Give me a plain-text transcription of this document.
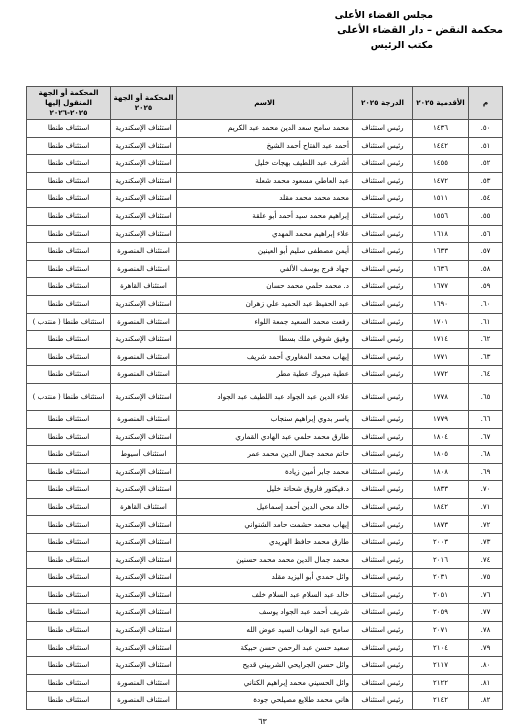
مجلس القضاء الأعلى
محكمة النقض – دار القضاء الأعلى
مكتب الرئيس
م	الأقدمية ٢٠٢٥	الدرجة ٢٠٢٥	الاسم	المحكمة أو الجهة ٢٠٢٥	المحكمة أو الجهة المنقول إليها ٢٠٢٥-٢٠٢٦
٥٠.	١٤٣٦	رئيس استئناف	محمد سامح سعد الدين محمد عبد الكريم	استئناف الإسكندرية	استئناف طنطا
٥١.	١٤٤٢	رئيس استئناف	أحمد عبد الفتاح أحمد الشيخ	استئناف الإسكندرية	استئناف طنطا
٥٢.	١٤٥٥	رئيس استئناف	أشرف عبد اللطيف بهجات خليل	استئناف الإسكندرية	استئناف طنطا
٥٣.	١٤٧٢	رئيس استئناف	عبد العاطي مسعود محمد شعلة	استئناف الإسكندرية	استئناف طنطا
٥٤.	١٥١١	رئيس استئناف	محمد محمد محمد مقلد	استئناف الإسكندرية	استئناف طنطا
٥٥.	١٥٥٦	رئيس استئناف	إبراهيم محمد سيد أحمد أبو علقة	استئناف الإسكندرية	استئناف طنطا
٥٦.	١٦١٨	رئيس استئناف	علاء إبراهيم محمد المهدي	استئناف الإسكندرية	استئناف طنطا
٥٧.	١٦٣٣	رئيس استئناف	أيمن مصطفى سليم أبو العينين	استئناف المنصورة	استئناف طنطا
٥٨.	١٦٣٦	رئيس استئناف	جهاد فرج يوسف الألفي	استئناف المنصورة	استئناف طنطا
٥٩.	١٦٧٧	رئيس استئناف	د. محمد حلمي محمد حسان	استئناف القاهرة	استئناف طنطا
٦٠.	١٦٩٠	رئيس استئناف	عبد الحفيظ عبد الحميد علي زهران	استئناف الإسكندرية	استئناف طنطا
٦١.	١٧٠١	رئيس استئناف	رفعت محمد السعيد جمعة اللواء	استئناف المنصورة	استئناف طنطا ( منتدب )
٦٢.	١٧١٤	رئيس استئناف	وفيق شوقي ملك بسطا	استئناف الإسكندرية	استئناف طنطا
٦٣.	١٧٧١	رئيس استئناف	إيهاب محمد المغاوري أحمد شريف	استئناف المنصورة	استئناف طنطا
٦٤.	١٧٧٢	رئيس استئناف	عطية مبروك عطية مطر	استئناف المنصورة	استئناف طنطا
٦٥.	١٧٧٨	رئيس استئناف	علاء الدين عبد الجواد عبد اللطيف عبد الجواد	استئناف الإسكندرية	استئناف طنطا ( منتدب )
٦٦.	١٧٧٩	رئيس استئناف	ياسر بدوي إبراهيم سنجاب	استئناف المنصورة	استئناف طنطا
٦٧.	١٨٠٤	رئيس استئناف	طارق محمد حلمي عبد الهادي القماري	استئناف الإسكندرية	استئناف طنطا
٦٨.	١٨٠٥	رئيس استئناف	حاتم محمد جمال الدين محمد عمر	استئناف أسيوط	استئناف طنطا
٦٩.	١٨٠٨	رئيس استئناف	محمد جابر أمين زيادة	استئناف الإسكندرية	استئناف طنطا
٧٠.	١٨٣٣	رئيس استئناف	د.فيكتور فاروق شحاتة خليل	استئناف الإسكندرية	استئناف طنطا
٧١.	١٨٤٢	رئيس استئناف	خالد محي الدين أحمد إسماعيل	استئناف القاهرة	استئناف طنطا
٧٢.	١٨٧٣	رئيس استئناف	إيهاب محمد حشمت حامد الشنواني	استئناف الإسكندرية	استئناف طنطا
٧٣.	٢٠٠٣	رئيس استئناف	طارق محمد حافظ الهريدي	استئناف الإسكندرية	استئناف طنطا
٧٤.	٢٠١٦	رئيس استئناف	محمد جمال الدين محمد محمد حسنين	استئناف الإسكندرية	استئناف طنطا
٧٥.	٢٠٣١	رئيس استئناف	وائل حمدي أبو اليزيد مقلد	استئناف الإسكندرية	استئناف طنطا
٧٦.	٢٠٥١	رئيس استئناف	خالد عبد السلام عبد السلام خلف	استئناف الإسكندرية	استئناف طنطا
٧٧.	٢٠٥٩	رئيس استئناف	شريف أحمد عبد الجواد يوسف	استئناف الإسكندرية	استئناف طنطا
٧٨.	٢٠٧١	رئيس استئناف	سامح عبد الوهاب السيد عوض الله	استئناف الإسكندرية	استئناف طنطا
٧٩.	٢١٠٤	رئيس استئناف	سعيد حسن عبد الرحمن حسن حبيكة	استئناف الإسكندرية	استئناف طنطا
٨٠.	٢١١٧	رئيس استئناف	وائل حسن الجرايحي الشربيني قديح	استئناف الإسكندرية	استئناف طنطا
٨١.	٢١٢٢	رئيس استئناف	وائل الحسيني محمد إبراهيم الكناني	استئناف المنصورة	استئناف طنطا
٨٢.	٢١٤٢	رئيس استئناف	هاني محمد طلايع مصيلحي جودة	استئناف المنصورة	استئناف طنطا
٦٣
